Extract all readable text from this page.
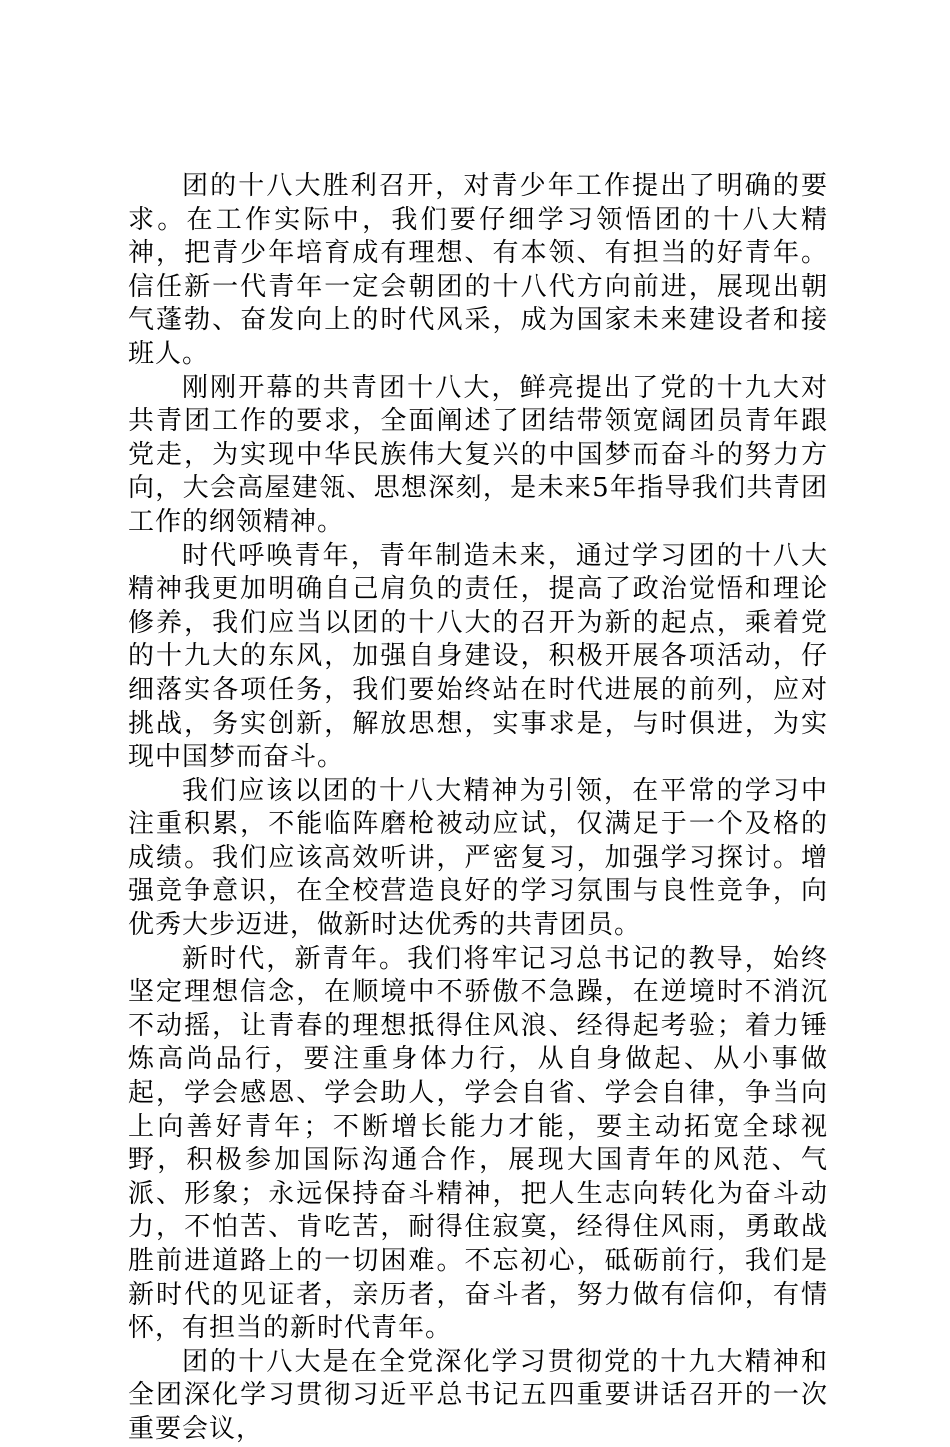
团的十八大胜利召开，对青少年工作提出了明确的要求。在工作实际中，我们要仔细学习领悟团的十八大精神，把青少年培育成有理想、有本领、有担当的好青年。信任新一代青年一定会朝团的十八代方向前进，展现出朝气蓬勃、奋发向上的时代风采，成为国家未来建设者和接班人。

刚刚开幕的共青团十八大，鲜亮提出了党的十九大对共青团工作的要求，全面阐述了团结带领宽阔团员青年跟党走，为实现中华民族伟大复兴的中国梦而奋斗的努力方向，大会高屋建瓴、思想深刻，是未来5年指导我们共青团工作的纲领精神。

时代呼唤青年，青年制造未来，通过学习团的十八大精神我更加明确自己肩负的责任，提高了政治觉悟和理论修养，我们应当以团的十八大的召开为新的起点，乘着党的十九大的东风，加强自身建设，积极开展各项活动，仔细落实各项任务，我们要始终站在时代进展的前列，应对挑战，务实创新，解放思想，实事求是，与时俱进，为实现中国梦而奋斗。

我们应该以团的十八大精神为引领，在平常的学习中注重积累，不能临阵磨枪被动应试，仅满足于一个及格的成绩。我们应该高效听讲，严密复习，加强学习探讨。增强竞争意识，在全校营造良好的学习氛围与良性竞争，向优秀大步迈进，做新时达优秀的共青团员。

新时代，新青年。我们将牢记习总书记的教导，始终坚定理想信念，在顺境中不骄傲不急躁，在逆境时不消沉不动摇，让青春的理想抵得住风浪、经得起考验；着力锤炼高尚品行，要注重身体力行，从自身做起、从小事做起，学会感恩、学会助人，学会自省、学会自律，争当向上向善好青年；不断增长能力才能，要主动拓宽全球视野，积极参加国际沟通合作，展现大国青年的风范、气派、形象；永远保持奋斗精神，把人生志向转化为奋斗动力，不怕苦、肯吃苦，耐得住寂寞，经得住风雨，勇敢战胜前进道路上的一切困难。不忘初心，砥砺前行，我们是新时代的见证者，亲历者，奋斗者，努力做有信仰，有情怀，有担当的新时代青年。

团的十八大是在全党深化学习贯彻党的十九大精神和全团深化学习贯彻习近平总书记五四重要讲话召开的一次重要会议，
